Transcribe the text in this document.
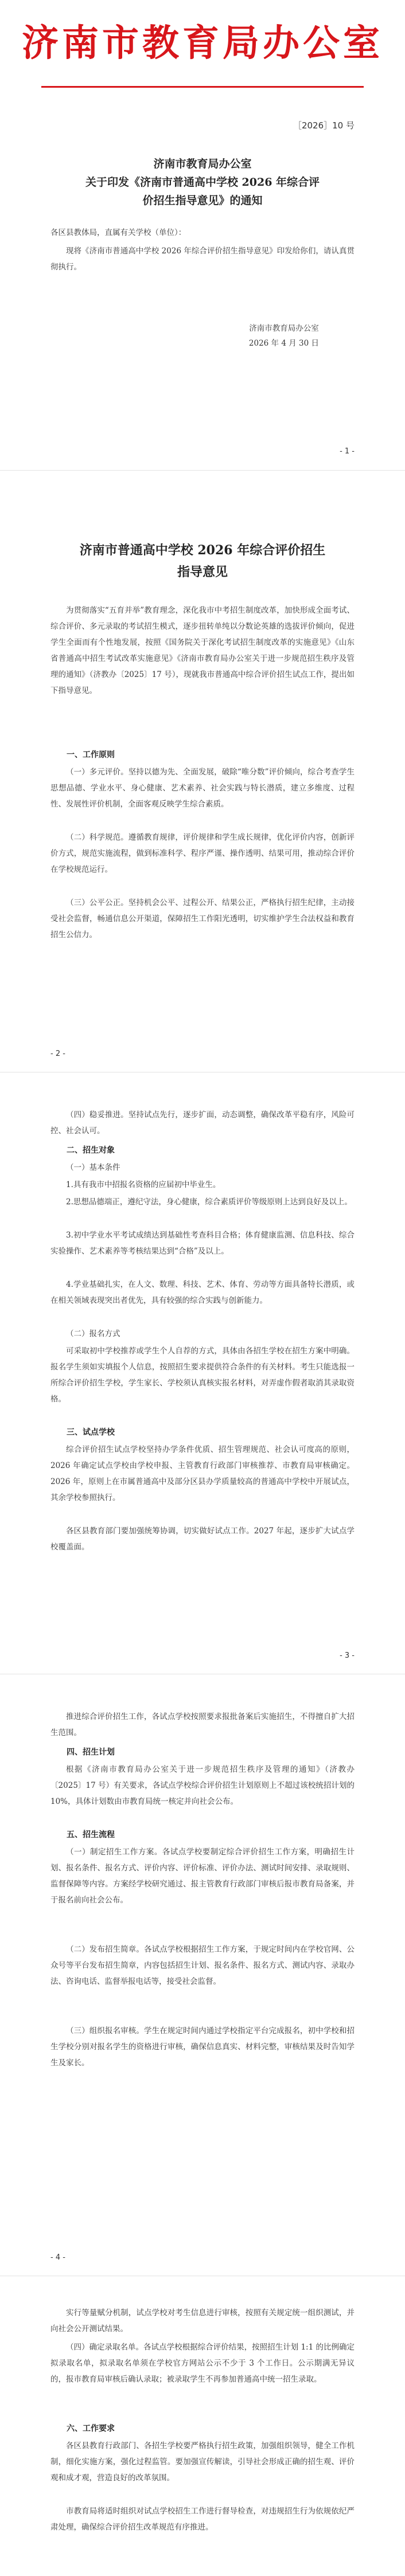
济南市教育局办公室
［2026］10 号
济南市教育局办公室
关于印发《济南市普通高中学校 2026 年综合评
价招生指导意见》的通知
各区县教体局，直属有关学校（单位）：
现将《济南市普通高中学校 2026 年综合评价招生指导意见》印发给你们，请认真贯彻执行。
济南市教育局办公室
2026 年 4 月 30 日
- 1 -
济南市普通高中学校 2026 年综合评价招生
指导意见
为贯彻落实“五育并举”教育理念，深化我市中考招生制度改革，加快形成全面考试、综合评价、多元录取的考试招生模式，逐步扭转单纯以分数论英雄的选拔评价倾向，促进学生全面而有个性地发展，按照《国务院关于深化考试招生制度改革的实施意见》《山东省普通高中招生考试改革实施意见》《济南市教育局办公室关于进一步规范招生秩序及管理的通知》（济教办〔2025〕17 号），现就我市普通高中综合评价招生试点工作，提出如下指导意见。
一、工作原则
（一）多元评价。坚持以德为先、全面发展，破除“唯分数”评价倾向，综合考查学生思想品德、学业水平、身心健康、艺术素养、社会实践与特长潜质，建立多维度、过程性、发展性评价机制，全面客观反映学生综合素质。
（二）科学规范。遵循教育规律，评价规律和学生成长规律，优化评价内容，创新评价方式，规范实施流程，做到标准科学、程序严谨、操作透明、结果可用，推动综合评价在学校规范运行。
（三）公平公正。坚持机会公平、过程公开、结果公正，严格执行招生纪律，主动接受社会监督，畅通信息公开渠道，保障招生工作阳光透明，切实维护学生合法权益和教育招生公信力。
- 2 -
（四）稳妥推进。坚持试点先行，逐步扩面，动态调整，确保改革平稳有序，风险可控、社会认可。
二、招生对象
（一）基本条件
1.具有我市中招报名资格的应届初中毕业生。
2.思想品德端正，遵纪守法，身心健康，综合素质评价等级原则上达到良好及以上。
3.初中学业水平考试成绩达到基础性考查科目合格；体育健康监测、信息科技、综合实验操作、艺术素养等考核结果达到“合格”及以上。
4.学业基础扎实，在人文、数理、科技、艺术、体育、劳动等方面具备特长潜质，或在相关领域表现突出者优先，具有较强的综合实践与创新能力。
（二）报名方式
可采取初中学校推荐或学生个人自荐的方式，具体由各招生学校在招生方案中明确。报名学生须如实填报个人信息，按照招生要求提供符合条件的有关材料。考生只能选报一所综合评价招生学校，学生家长、学校须认真核实报名材料，对弄虚作假者取消其录取资格。
三、试点学校
综合评价招生试点学校坚持办学条件优质、招生管理规范、社会认可度高的原则，2026 年确定试点学校由学校申报、主管教育行政部门审核推荐、市教育局审核确定。2026 年，原则上在市属普通高中及部分区县办学质量较高的普通高中学校中开展试点，其余学校参照执行。
各区县教育部门要加强统筹协调，切实做好试点工作。2027 年起，逐步扩大试点学校覆盖面。
- 3 -
推进综合评价招生工作，各试点学校按照要求报批备案后实施招生，不得擅自扩大招生范围。
四、招生计划
根据《济南市教育局办公室关于进一步规范招生秩序及管理的通知》（济教办〔2025〕17 号）有关要求，各试点学校综合评价招生计划原则上不超过该校统招计划的 10%，具体计划数由市教育局统一核定并向社会公布。
五、招生流程
（一）制定招生工作方案。各试点学校要制定综合评价招生工作方案，明确招生计划、报名条件、报名方式、评价内容、评价标准、评价办法、测试时间安排、录取规则、监督保障等内容。方案经学校研究通过、报主管教育行政部门审核后报市教育局备案，并于报名前向社会公布。
（二）发布招生简章。各试点学校根据招生工作方案，于规定时间内在学校官网、公众号等平台发布招生简章，内容包括招生计划、报名条件、报名方式、测试内容、录取办法、咨询电话、监督举报电话等，接受社会监督。
（三）组织报名审核。学生在规定时间内通过学校指定平台完成报名，初中学校和招生学校分别对报名学生的资格进行审核，确保信息真实、材料完整，审核结果及时告知学生及家长。
- 4 -
实行等量赋分机制，试点学校对考生信息进行审核，按照有关规定统一组织测试，并向社会公开测试结果。
（四）确定录取名单。各试点学校根据综合评价结果，按照招生计划 1:1 的比例确定拟录取名单，拟录取名单须在学校官方网站公示不少于 3 个工作日。公示期满无异议的，报市教育局审核后确认录取；被录取学生不再参加普通高中统一招生录取。
六、工作要求
各区县教育行政部门、各招生学校要严格执行招生政策，加强组织领导，健全工作机制，细化实施方案，强化过程监管。要加强宣传解读，引导社会形成正确的招生观、评价观和成才观，营造良好的改革氛围。
市教育局将适时组织对试点学校招生工作进行督导检查，对违规招生行为依规依纪严肃处理，确保综合评价招生改革规范有序推进。
